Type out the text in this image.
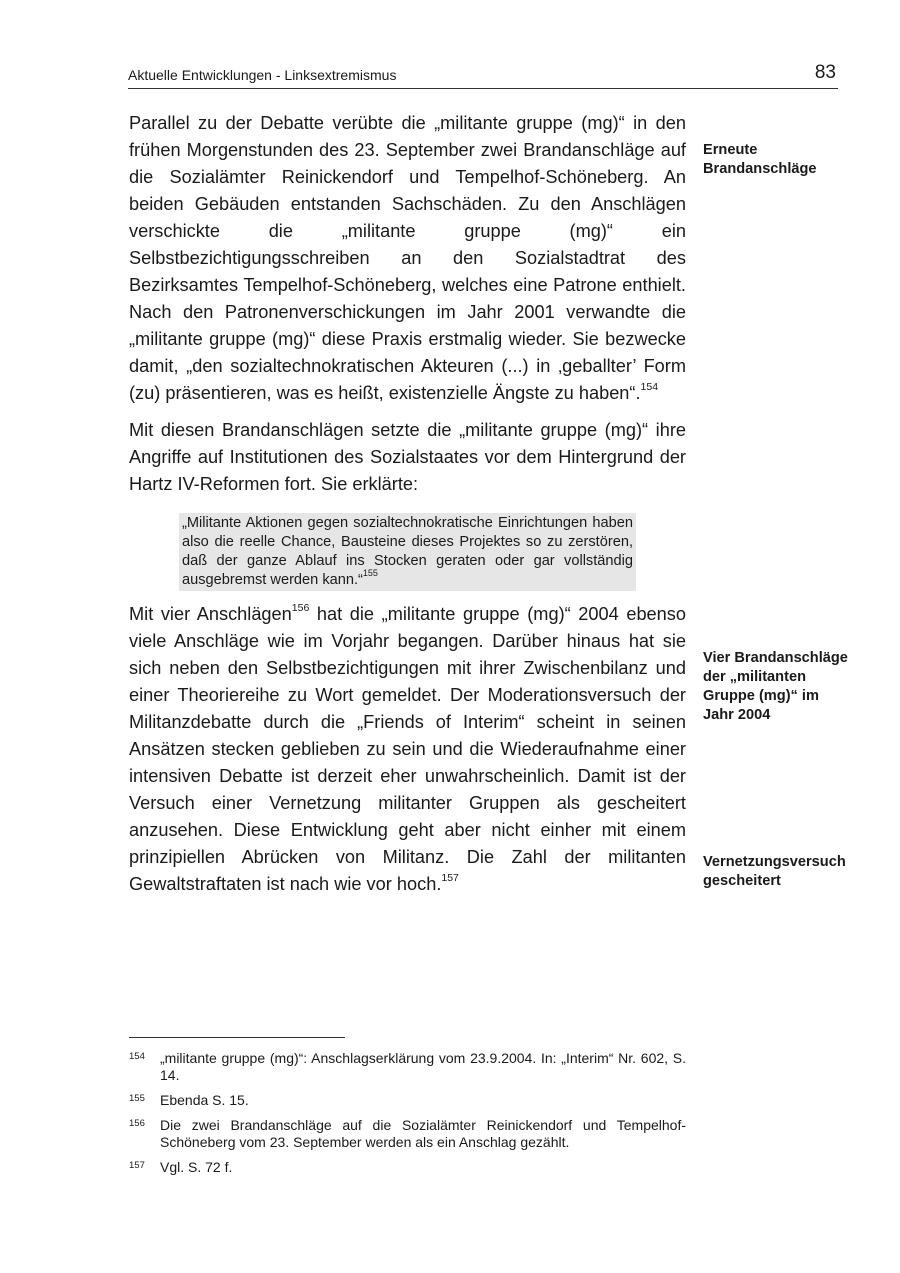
Aktuelle Entwicklungen - Linksextremismus	83

Parallel zu der Debatte verübte die „militante gruppe (mg)“ in den frühen Morgenstunden des 23. September zwei Brandanschläge auf die Sozialämter Reinickendorf und Tempelhof-Schöneberg. An beiden Gebäuden entstanden Sachschäden. Zu den Anschlägen verschickte die „militante gruppe (mg)“ ein Selbstbezichtigungsschreiben an den Sozialstadtrat des Bezirksamtes Tempelhof-Schöneberg, welches eine Patrone enthielt. Nach den Patronenverschickungen im Jahr 2001 verwandte die „militante gruppe (mg)“ diese Praxis erstmalig wieder. Sie bezwecke damit, „den sozialtechnokratischen Akteuren (...) in ‚geballter’ Form (zu) präsentieren, was es heißt, existenzielle Ängste zu haben“.$^{154}$

Mit diesen Brandanschlägen setzte die „militante gruppe (mg)“ ihre Angriffe auf Institutionen des Sozialstaates vor dem Hintergrund der Hartz IV-Reformen fort. Sie erklärte:

„Militante Aktionen gegen sozialtechnokratische Einrichtungen haben also die reelle Chance, Bausteine dieses Projektes so zu zerstören, daß der ganze Ablauf ins Stocken geraten oder gar vollständig ausgebremst werden kann.“$^{155}$

Mit vier Anschlägen$^{156}$ hat die „militante gruppe (mg)“ 2004 ebenso viele Anschläge wie im Vorjahr begangen. Darüber hinaus hat sie sich neben den Selbstbezichtigungen mit ihrer Zwischenbilanz und einer Theoriereihe zu Wort gemeldet. Der Moderationsversuch der Militanzdebatte durch die „Friends of Interim“ scheint in seinen Ansätzen stecken geblieben zu sein und die Wiederaufnahme einer intensiven Debatte ist derzeit eher unwahrscheinlich. Damit ist der Versuch einer Vernetzung militanter Gruppen als gescheitert anzusehen. Diese Entwicklung geht aber nicht einher mit einem prinzipiellen Abrücken von Militanz. Die Zahl der militanten Gewaltstraftaten ist nach wie vor hoch.$^{157}$

Erneute
Brandanschläge
Vier Brandanschläge
der „militanten
Gruppe (mg)“ im
Jahr 2004
Vernetzungsversuch
gescheitert
154 „militante gruppe (mg)“: Anschlagserklärung vom 23.9.2004. In: „Interim“ Nr. 602, S. 14.
155 Ebenda S. 15.
156 Die zwei Brandanschläge auf die Sozialämter Reinickendorf und Tempelhof-Schöneberg vom 23. September werden als ein Anschlag gezählt.
157 Vgl. S. 72 f.
